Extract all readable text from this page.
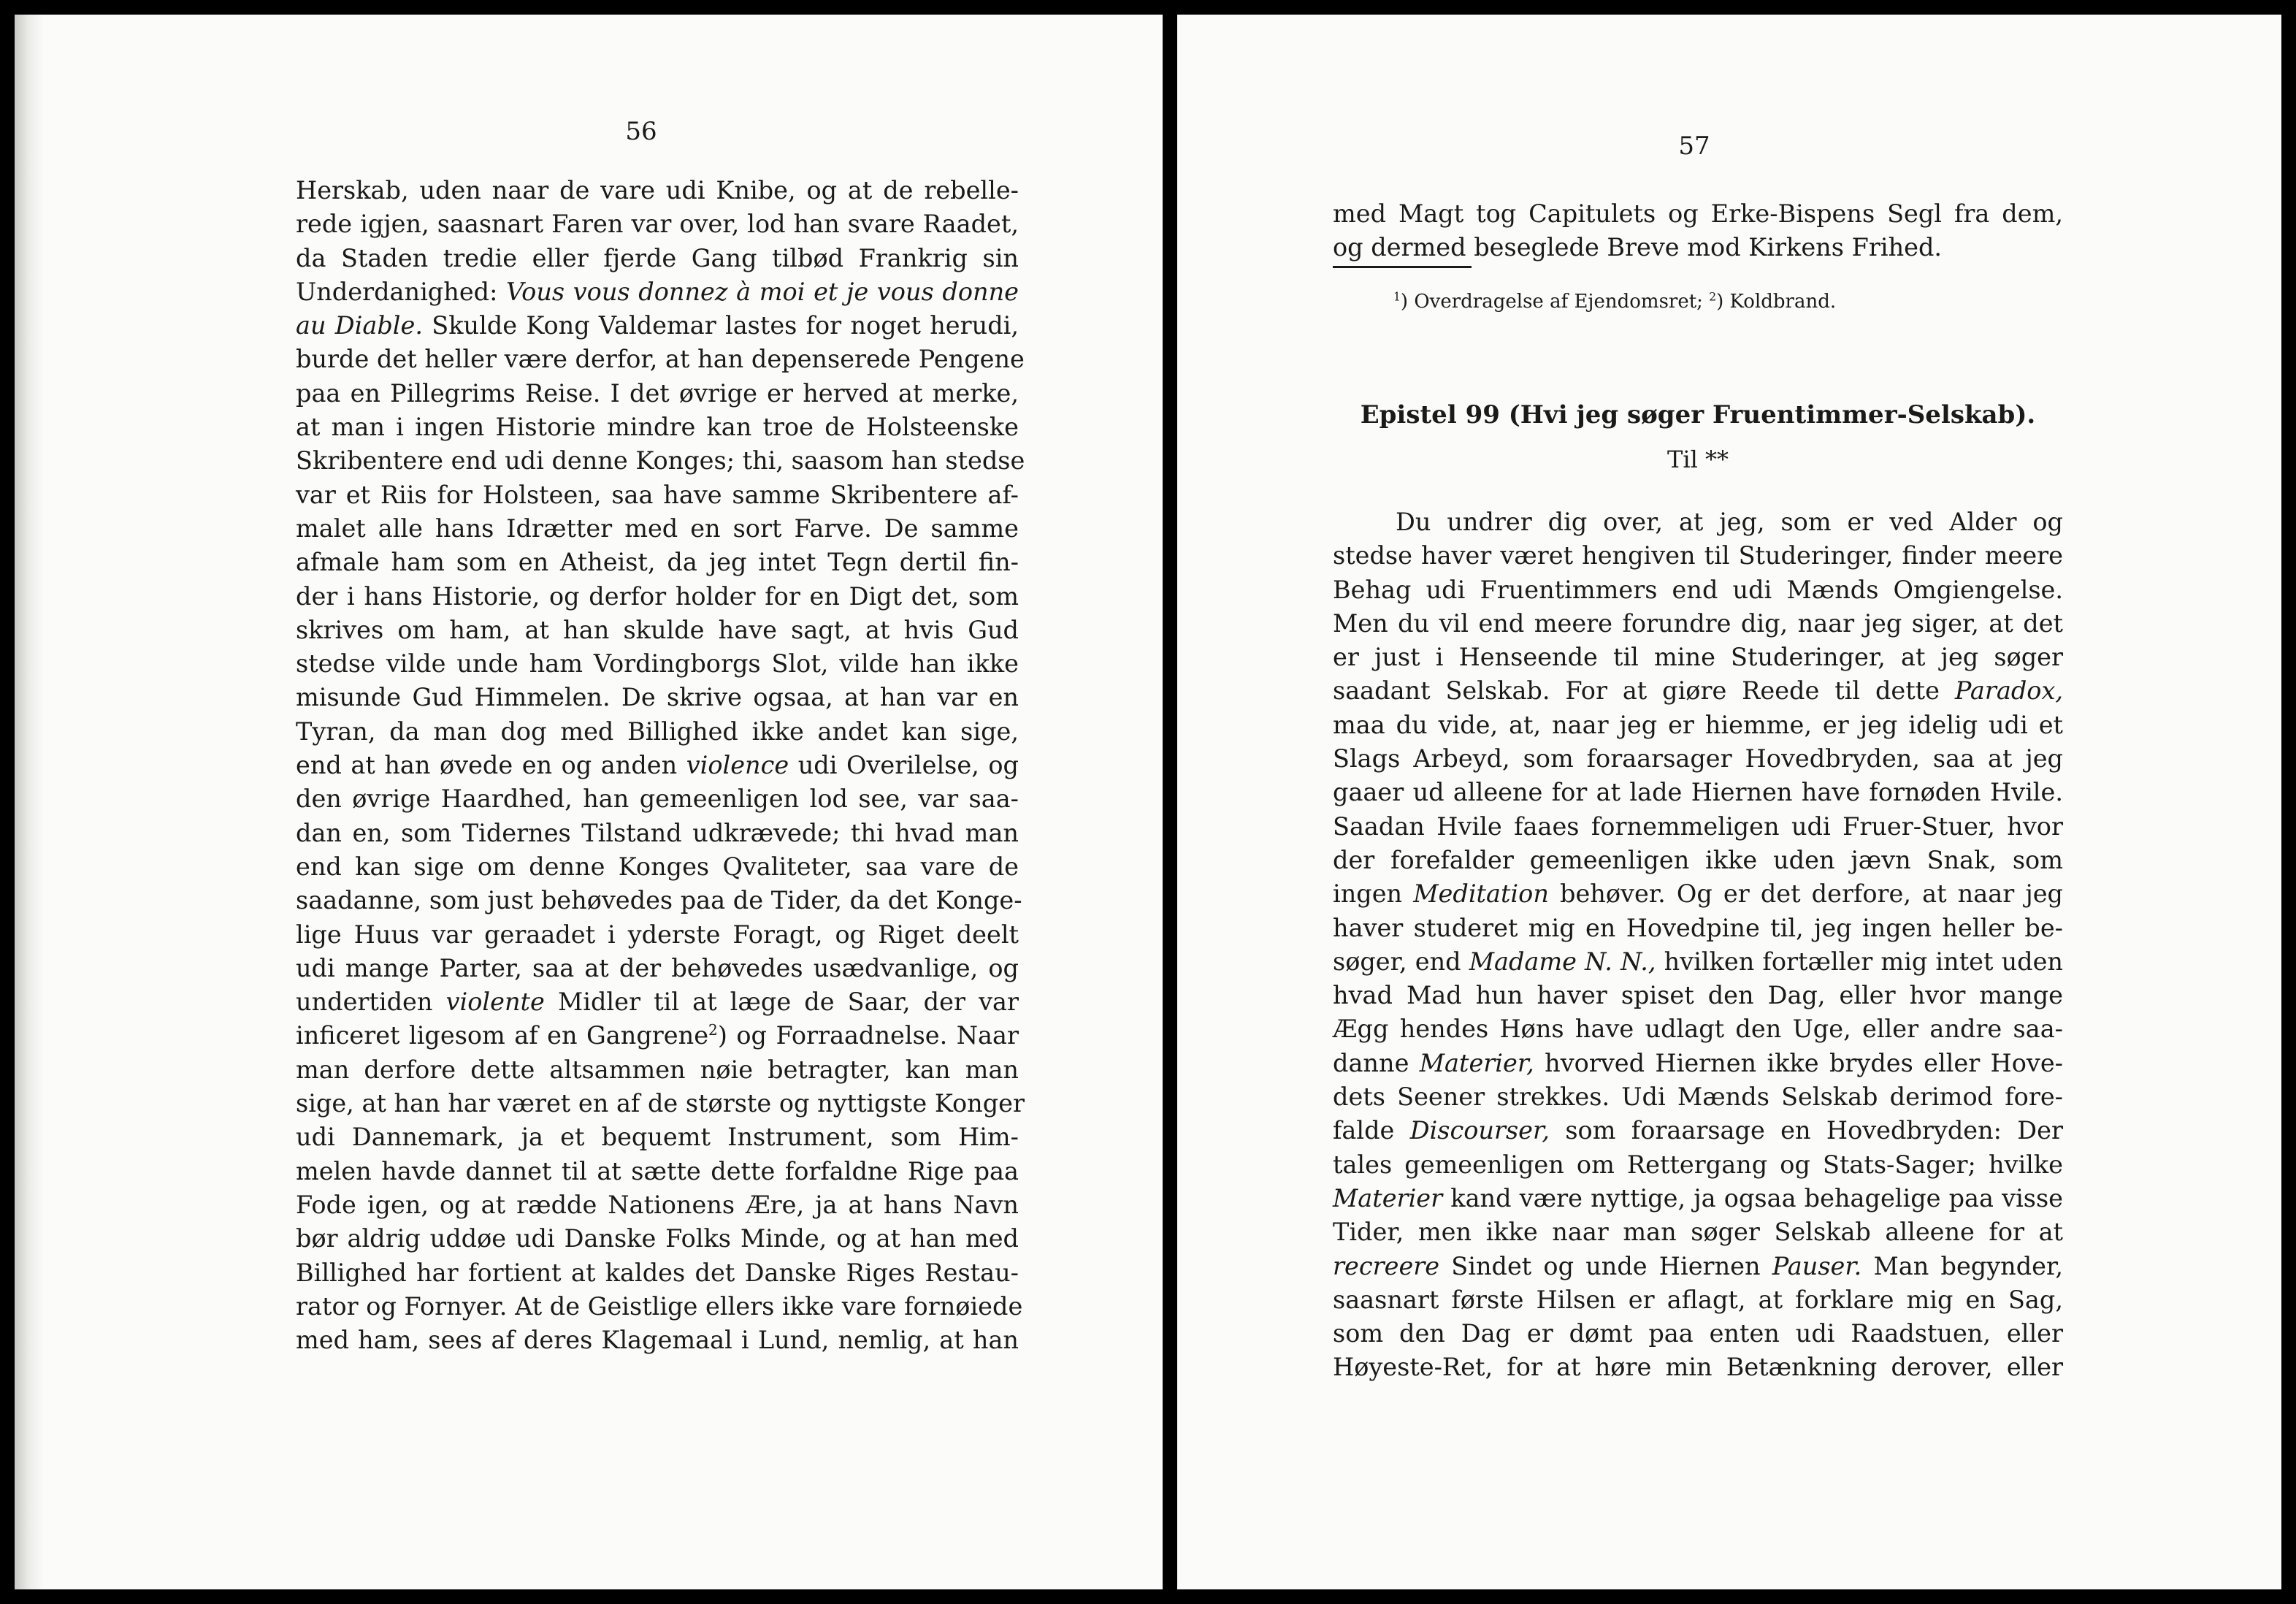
56
Herskab, uden naar de vare udi Knibe, og at de rebelle-
rede igjen, saasnart Faren var over, lod han svare Raadet,
da Staden tredie eller fjerde Gang tilbød Frankrig sin
Underdanighed: Vous vous donnez à moi et je vous donne
au Diable. Skulde Kong Valdemar lastes for noget herudi,
burde det heller være derfor, at han depenserede Pengene
paa en Pillegrims Reise. I det øvrige er herved at merke,
at man i ingen Historie mindre kan troe de Holsteenske
Skribentere end udi denne Konges; thi, saasom han stedse
var et Riis for Holsteen, saa have samme Skribentere af-
malet alle hans Idrætter med en sort Farve. De samme
afmale ham som en Atheist, da jeg intet Tegn dertil fin-
der i hans Historie, og derfor holder for en Digt det, som
skrives om ham, at han skulde have sagt, at hvis Gud
stedse vilde unde ham Vordingborgs Slot, vilde han ikke
misunde Gud Himmelen. De skrive ogsaa, at han var en
Tyran, da man dog med Billighed ikke andet kan sige,
end at han øvede en og anden violence udi Overilelse, og
den øvrige Haardhed, han gemeenligen lod see, var saa-
dan en, som Tidernes Tilstand udkrævede; thi hvad man
end kan sige om denne Konges Qvaliteter, saa vare de
saadanne, som just behøvedes paa de Tider, da det Konge-
lige Huus var geraadet i yderste Foragt, og Riget deelt
udi mange Parter, saa at der behøvedes usædvanlige, og
undertiden violente Midler til at læge de Saar, der var
inficeret ligesom af en Gangrene$^2$) og Forraadnelse. Naar
man derfore dette altsammen nøie betragter, kan man
sige, at han har været en af de største og nyttigste Konger
udi Dannemark, ja et bequemt Instrument, som Him-
melen havde dannet til at sætte dette forfaldne Rige paa
Fode igen, og at rædde Nationens Ære, ja at hans Navn
bør aldrig uddøe udi Danske Folks Minde, og at han med
Billighed har fortient at kaldes det Danske Riges Restau-
rator og Fornyer. At de Geistlige ellers ikke vare fornøiede
med ham, sees af deres Klagemaal i Lund, nemlig, at han
57
med Magt tog Capitulets og Erke-Bispens Segl fra dem,
og dermed beseglede Breve mod Kirkens Frihed.
$^1$) Overdragelse af Ejendomsret; $^2$) Koldbrand.
Epistel 99 (Hvi jeg søger Fruentimmer-Selskab).
Til **
Du undrer dig over, at jeg, som er ved Alder og
stedse haver været hengiven til Studeringer, finder meere
Behag udi Fruentimmers end udi Mænds Omgiengelse.
Men du vil end meere forundre dig, naar jeg siger, at det
er just i Henseende til mine Studeringer, at jeg søger
saadant Selskab. For at giøre Reede til dette Paradox,
maa du vide, at, naar jeg er hiemme, er jeg idelig udi et
Slags Arbeyd, som foraarsager Hovedbryden, saa at jeg
gaaer ud alleene for at lade Hiernen have fornøden Hvile.
Saadan Hvile faaes fornemmeligen udi Fruer-Stuer, hvor
der forefalder gemeenligen ikke uden jævn Snak, som
ingen Meditation behøver. Og er det derfore, at naar jeg
haver studeret mig en Hovedpine til, jeg ingen heller be-
søger, end Madame N. N., hvilken fortæller mig intet uden
hvad Mad hun haver spiset den Dag, eller hvor mange
Ægg hendes Høns have udlagt den Uge, eller andre saa-
danne Materier, hvorved Hiernen ikke brydes eller Hove-
dets Seener strekkes. Udi Mænds Selskab derimod fore-
falde Discourser, som foraarsage en Hovedbryden: Der
tales gemeenligen om Rettergang og Stats-Sager; hvilke
Materier kand være nyttige, ja ogsaa behagelige paa visse
Tider, men ikke naar man søger Selskab alleene for at
recreere Sindet og unde Hiernen Pauser. Man begynder,
saasnart første Hilsen er aflagt, at forklare mig en Sag,
som den Dag er dømt paa enten udi Raadstuen, eller
Høyeste-Ret, for at høre min Betænkning derover, eller
